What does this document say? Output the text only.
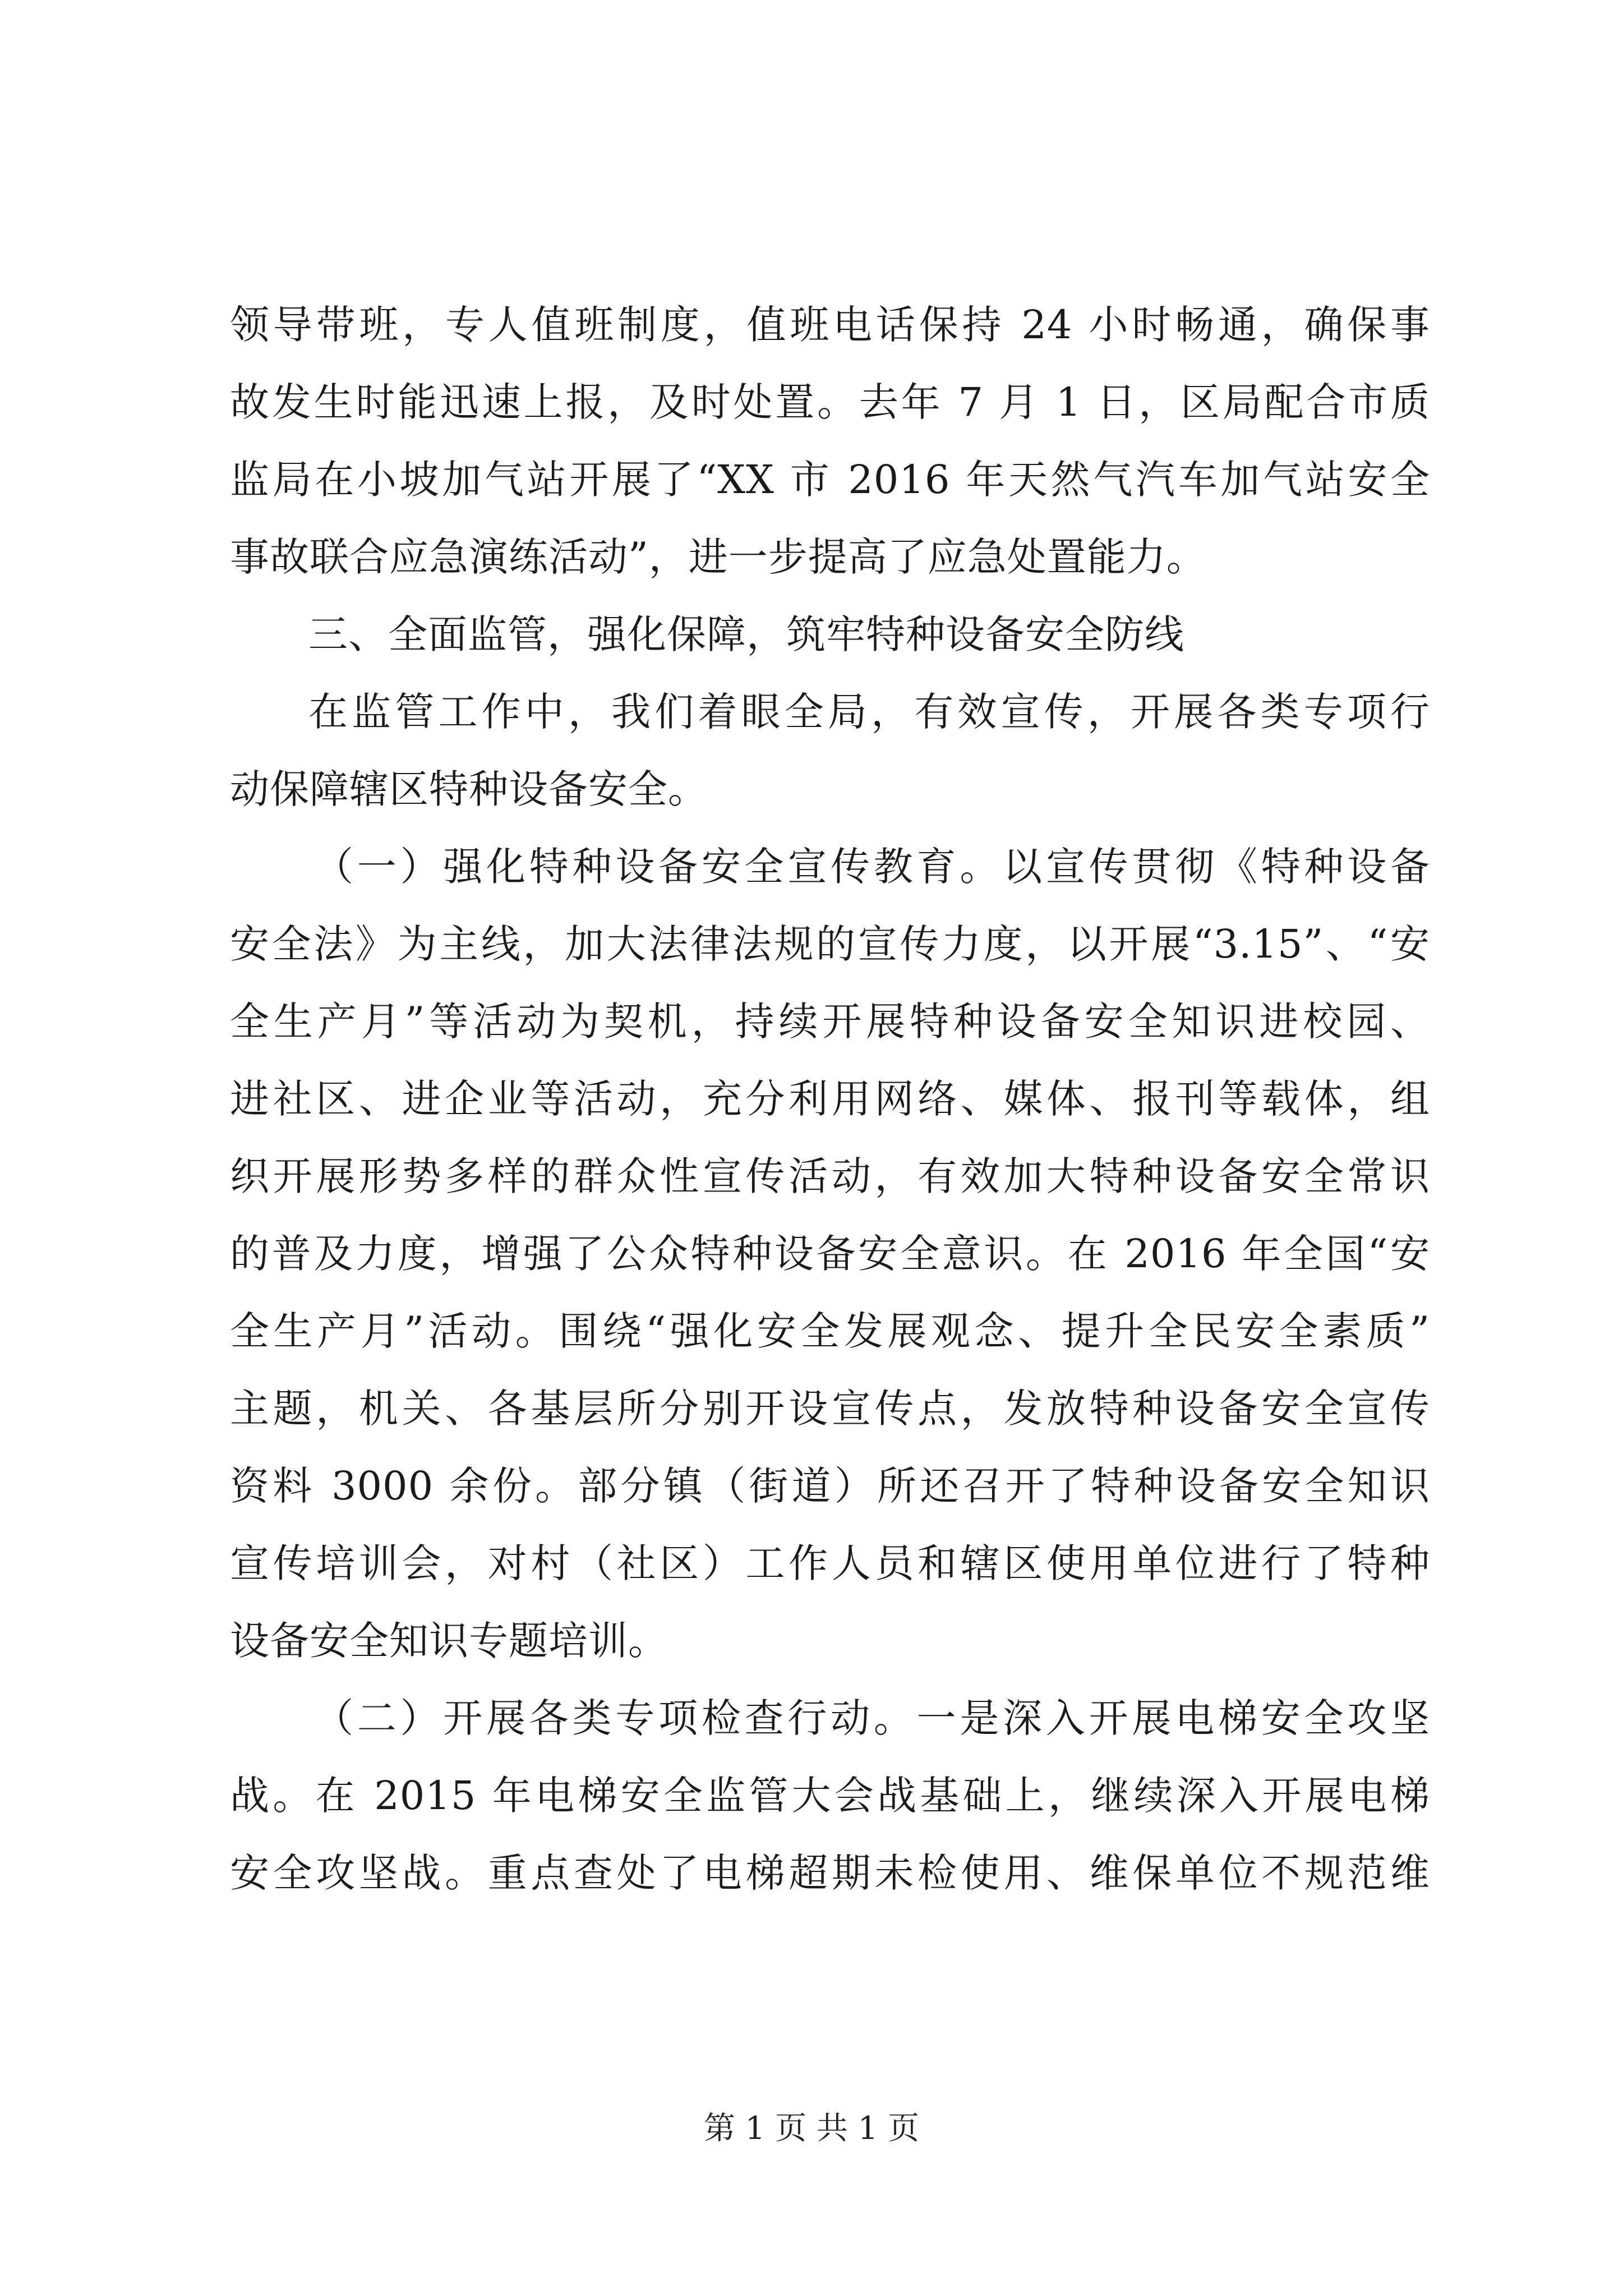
领导带班，专人值班制度，值班电话保持 24 小时畅通，确保事
故发生时能迅速上报，及时处置。去年 7 月 1 日，区局配合市质
监局在小坡加气站开展了“XX 市 2016 年天然气汽车加气站安全
事故联合应急演练活动”，进一步提高了应急处置能力。
三、全面监管，强化保障，筑牢特种设备安全防线
在监管工作中，我们着眼全局，有效宣传，开展各类专项行
动保障辖区特种设备安全。
（一）强化特种设备安全宣传教育。以宣传贯彻《特种设备
安全法》为主线，加大法律法规的宣传力度，以开展“3.15”、“安
全生产月”等活动为契机，持续开展特种设备安全知识进校园、
进社区、进企业等活动，充分利用网络、媒体、报刊等载体，组
织开展形势多样的群众性宣传活动，有效加大特种设备安全常识
的普及力度，增强了公众特种设备安全意识。在 2016 年全国“安
全生产月”活动。围绕“强化安全发展观念、提升全民安全素质”
主题，机关、各基层所分别开设宣传点，发放特种设备安全宣传
资料 3000 余份。部分镇（街道）所还召开了特种设备安全知识
宣传培训会，对村（社区）工作人员和辖区使用单位进行了特种
设备安全知识专题培训。
（二）开展各类专项检查行动。一是深入开展电梯安全攻坚
战。在 2015 年电梯安全监管大会战基础上，继续深入开展电梯
安全攻坚战。重点查处了电梯超期未检使用、维保单位不规范维
第 1 页 共 1 页
